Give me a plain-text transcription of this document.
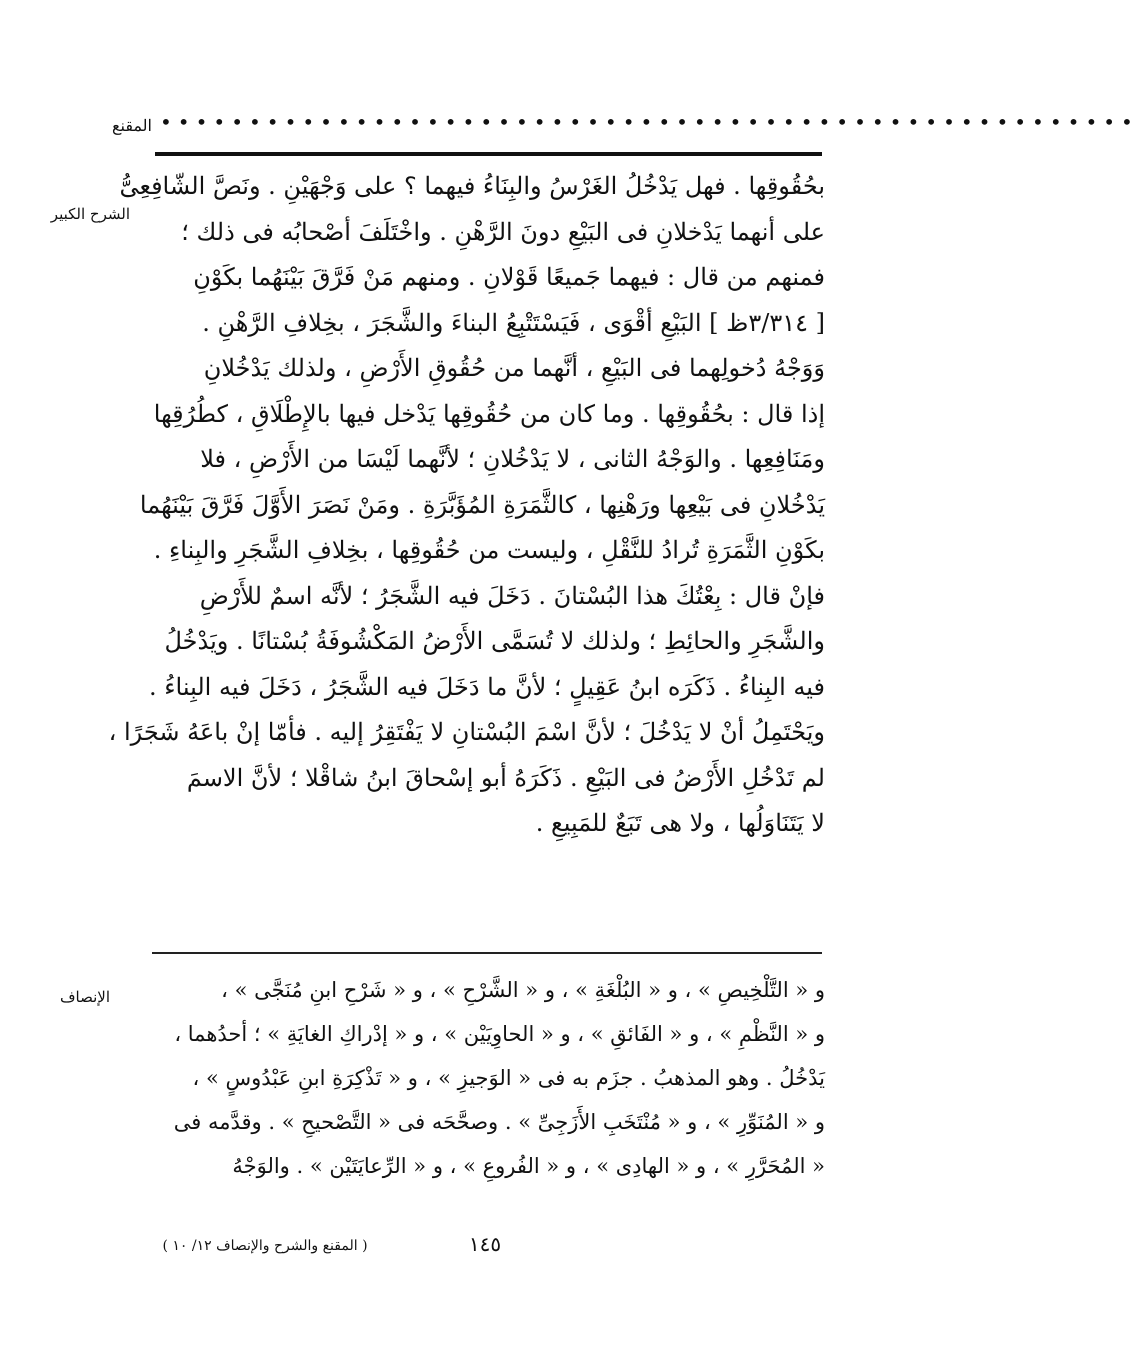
المقنع •••••••••••••••••••••••••••••••••••••••••••••••••••••••
الشرح الكبير
بحُقُوقِها . فهل يَدْخُلُ الغَرْسُ والبِنَاءُ فيهما ؟ على وَجْهَيْنِ . ونَصَّ الشّافِعِىُّ
على أنهما يَدْخلانِ فى البَيْعِ دونَ الرَّهْنِ . واخْتَلَفَ أصْحابُه فى ذلك ؛
فمنهم من قال : فيهما جَميعًا قَوْلانِ . ومنهم مَنْ فَرَّقَ بَيْنَهُما بكَوْنِ
[ ٣/٣١٤ظ ] البَيْعِ أقْوَى ، فَيَسْتَتْبِعُ البناءَ والشَّجَرَ ، بخِلافِ الرَّهْنِ .
وَوَجْهُ دُخولِهما فى البَيْعِ ، أنَّهما من حُقُوقِ الأَرْضِ ، ولذلك يَدْخُلانِ
إذا قال : بحُقُوقِها . وما كان من حُقُوقِها يَدْخل فيها بالإِطْلَاقِ ، كطُرُقِها
ومَنَافِعِها . والوَجْهُ الثانى ، لا يَدْخُلانِ ؛ لأنَّهما لَيْسَا من الأَرْضِ ، فلا
يَدْخُلانِ فى بَيْعِها ورَهْنِها ، كالثَّمَرَةِ المُؤَبَّرَةِ . ومَنْ نَصَرَ الأَوَّلَ فَرَّقَ بَيْنَهُما
بكَوْنِ الثَّمَرَةِ تُرادُ للنَّقْلِ ، وليست من حُقُوقِها ، بخِلافِ الشَّجَرِ والبِناءِ .
فإنْ قال : بِعْتُكَ هذا البُسْتانَ . دَخَلَ فيه الشَّجَرُ ؛ لأنَّه اسمٌ للأَرْضِ
والشَّجَرِ والحائِطِ ؛ ولذلك لا تُسَمَّى الأَرْضُ المَكْشُوفَةُ بُسْتانًا . ويَدْخُلُ
فيه البِناءُ . ذَكَرَه ابنُ عَقِيلٍ ؛ لأنَّ ما دَخَلَ فيه الشَّجَرُ ، دَخَلَ فيه البِناءُ .
ويَحْتَمِلُ أنْ لا يَدْخُلَ ؛ لأنَّ اسْمَ البُسْتانِ لا يَفْتَقِرُ إليه . فأمّا إنْ باعَهُ شَجَرًا ،
لم تَدْخُلِ الأَرْضُ فى البَيْعِ . ذَكَرَهُ أبو إسْحاقَ ابنُ شاقْلا ؛ لأنَّ الاسمَ
لا يَتَنَاوَلُها ، ولا هى تَبَعٌ للمَبِيعِ .
الإنصاف	و « التَّلْخِيصِ » ، و « البُلْغَةِ » ، و « الشَّرْحِ » ، و « شَرْحِ ابنِ مُنَجَّى » ،
و « النَّظْمِ » ، و « الفَائقِ » ، و « الحاوِيَيْن » ، و « إدْراكِ الغايَةِ » ؛ أحدُهما ،
يَدْخُلُ . وهو المذهبُ . جزَم به فى « الوَجيزِ » ، و « تَذْكِرَةِ ابنِ عَبْدُوسٍ » ،
و « المُنَوِّرِ » ، و « مُنْتَخَبِ الأَزَجِىِّ » . وصحَّحَه فى « التَّصْحيحِ » . وقدَّمه فى
« المُحَرَّرِ » ، و « الهادِى » ، و « الفُروعِ » ، و « الرِّعايَتَيْن » . والوَجْهُ
١٤٥
( المقنع والشرح والإنصاف ١٢/ ١٠ )
